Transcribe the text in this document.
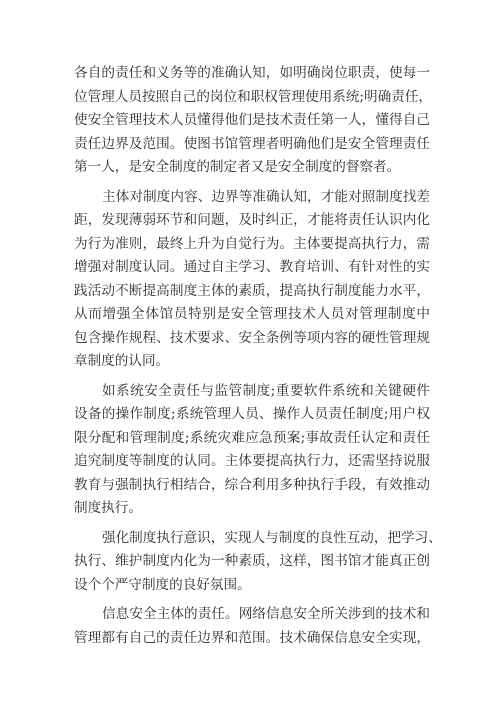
各自的责任和义务等的准确认知，如明确岗位职责，使每一
位管理人员按照自己的岗位和职权管理使用系统;明确责任，
使安全管理技术人员懂得他们是技术责任第一人，懂得自己
责任边界及范围。使图书馆管理者明确他们是安全管理责任
第一人，是安全制度的制定者又是安全制度的督察者。
主体对制度内容、边界等准确认知，才能对照制度找差
距，发现薄弱环节和问题，及时纠正，才能将责任认识内化
为行为准则，最终上升为自觉行为。主体要提高执行力，需
增强对制度认同。通过自主学习、教育培训、有针对性的实
践活动不断提高制度主体的素质，提高执行制度能力水平，
从而增强全体馆员特别是安全管理技术人员对管理制度中
包含操作规程、技术要求、安全条例等项内容的硬性管理规
章制度的认同。
如系统安全责任与监管制度;重要软件系统和关键硬件
设备的操作制度;系统管理人员、操作人员责任制度;用户权
限分配和管理制度;系统灾难应急预案;事故责任认定和责任
追究制度等制度的认同。主体要提高执行力，还需坚持说服
教育与强制执行相结合，综合利用多种执行手段，有效推动
制度执行。
强化制度执行意识，实现人与制度的良性互动，把学习、
执行、维护制度内化为一种素质，这样，图书馆才能真正创
设个个严守制度的良好氛围。
信息安全主体的责任。网络信息安全所关涉到的技术和
管理都有自己的责任边界和范围。技术确保信息安全实现，
